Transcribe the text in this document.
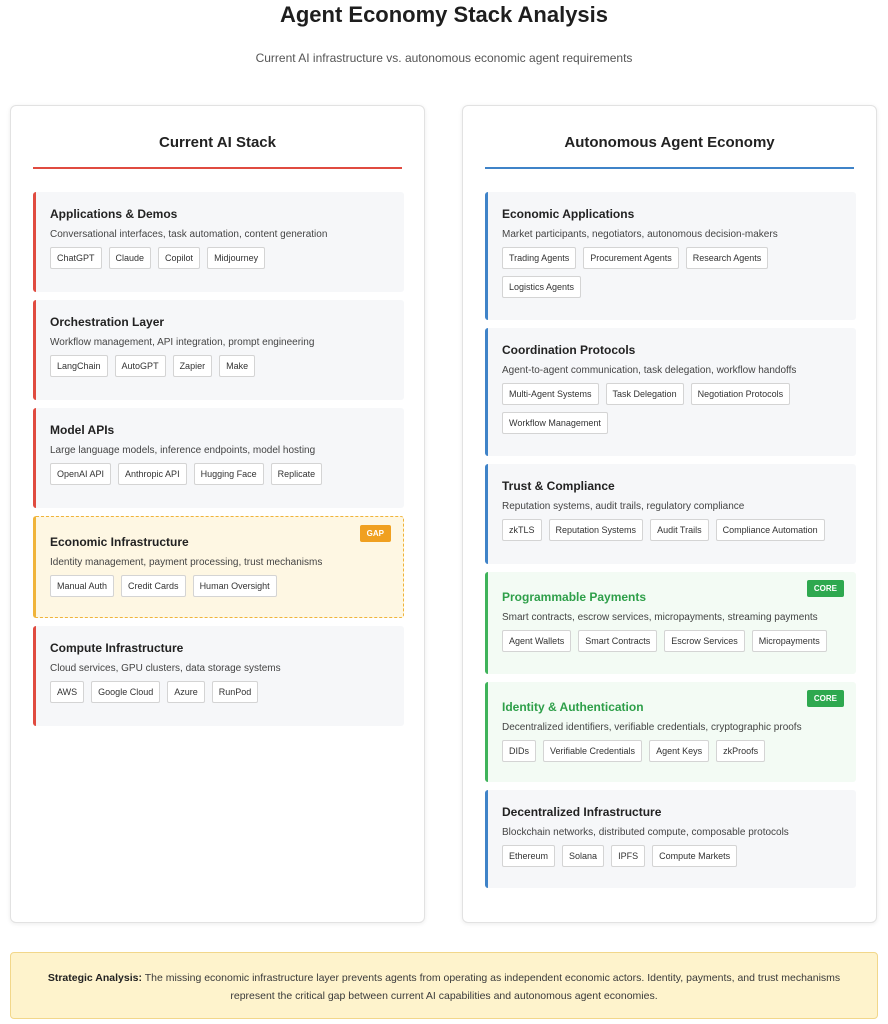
Agent Economy Stack Analysis
Current AI infrastructure vs. autonomous economic agent requirements
Current AI Stack
Applications & Demos
Conversational interfaces, task automation, content generation
ChatGPT	Claude	Copilot	Midjourney
Orchestration Layer
Workflow management, API integration, prompt engineering
LangChain	AutoGPT	Zapier	Make
Model APIs
Large language models, inference endpoints, model hosting
OpenAI API	Anthropic API	Hugging Face	Replicate
GAP
Economic Infrastructure
Identity management, payment processing, trust mechanisms
Manual Auth	Credit Cards	Human Oversight
Compute Infrastructure
Cloud services, GPU clusters, data storage systems
AWS	Google Cloud	Azure	RunPod
Autonomous Agent Economy
Economic Applications
Market participants, negotiators, autonomous decision-makers
Trading Agents	Procurement Agents	Research Agents
Logistics Agents
Coordination Protocols
Agent-to-agent communication, task delegation, workflow handoffs
Multi-Agent Systems	Task Delegation	Negotiation Protocols
Workflow Management
Trust & Compliance
Reputation systems, audit trails, regulatory compliance
zkTLS	Reputation Systems	Audit Trails	Compliance Automation
CORE
Programmable Payments
Smart contracts, escrow services, micropayments, streaming payments
Agent Wallets	Smart Contracts	Escrow Services	Micropayments
CORE
Identity & Authentication
Decentralized identifiers, verifiable credentials, cryptographic proofs
DIDs	Verifiable Credentials	Agent Keys	zkProofs
Decentralized Infrastructure
Blockchain networks, distributed compute, composable protocols
Ethereum	Solana	IPFS	Compute Markets
Strategic Analysis: The missing economic infrastructure layer prevents agents from operating as independent economic actors. Identity, payments, and trust mechanisms represent the critical gap between current AI capabilities and autonomous agent economies.
